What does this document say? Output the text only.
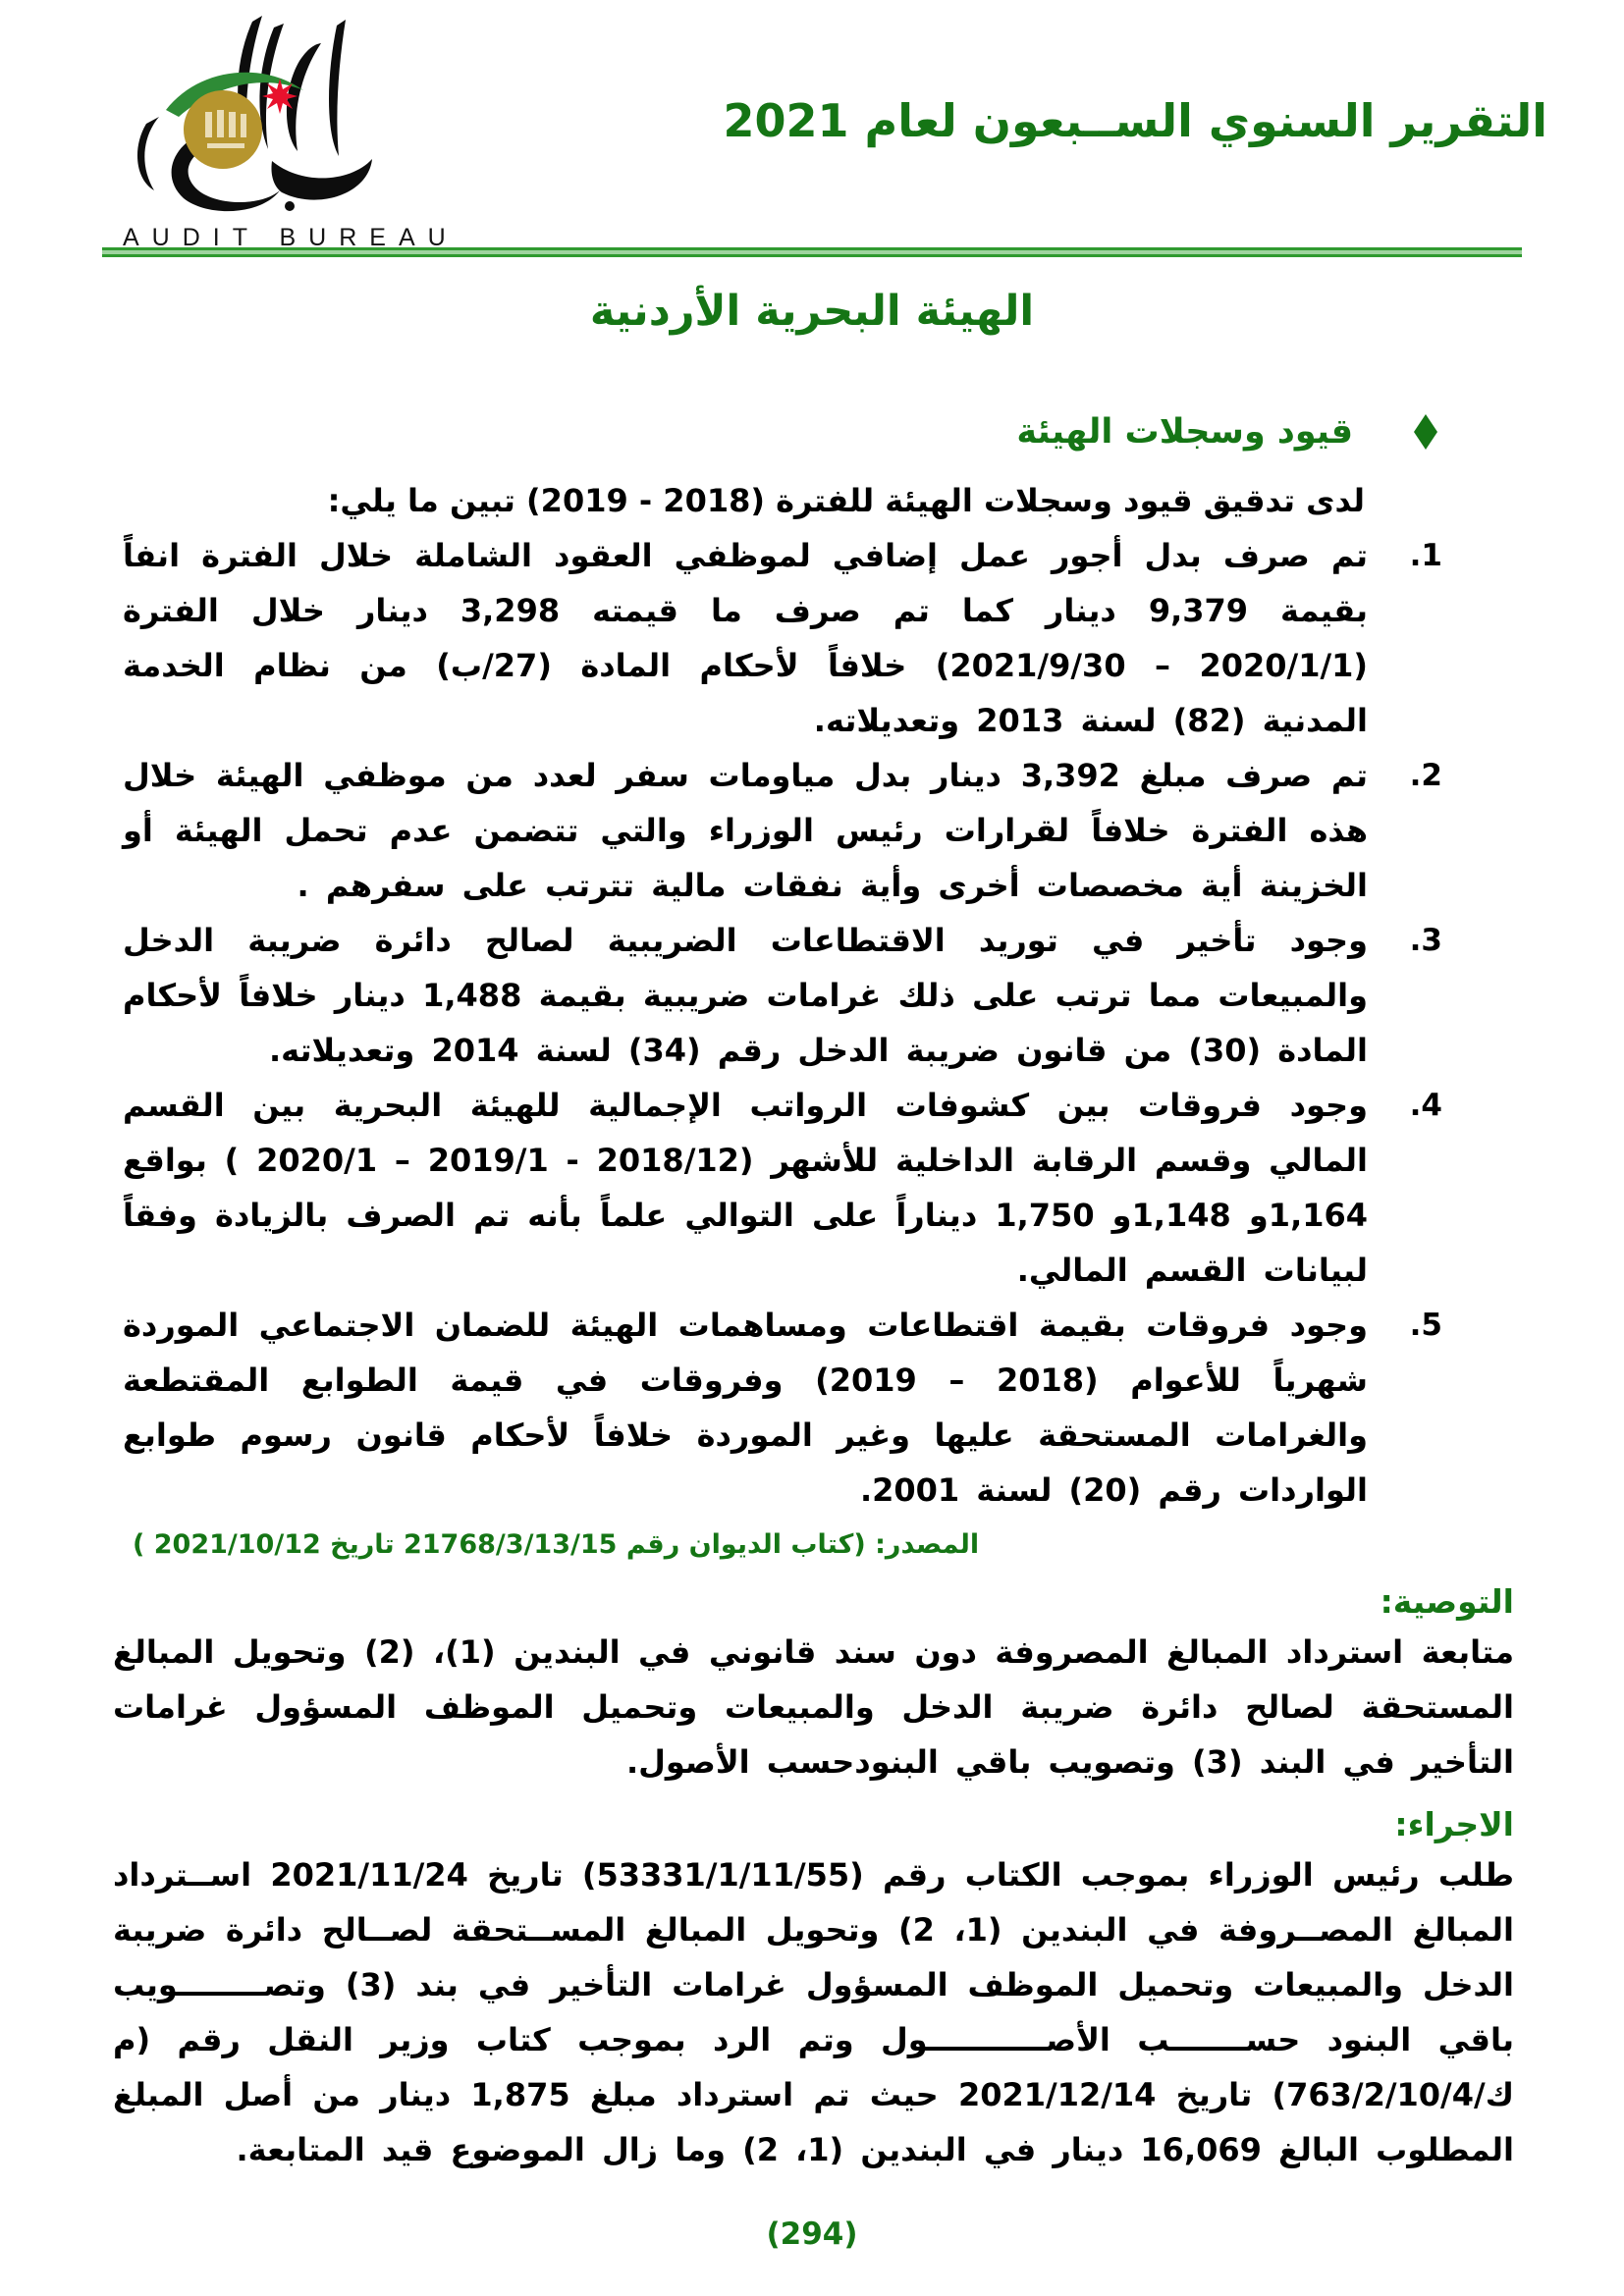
AUDIT BUREAU
التقرير السنوي الســبعون لعام 2021
الهيئة البحرية الأردنية
قيود وسجلات الهيئة

لدى تدقيق قيود وسجلات الهيئة للفترة (2018 - 2019) تبين ما يلي:

1.
تم صرف بدل أجور عمل إضافي لموظفي العقود الشاملة خلال الفترة انفاً بقيمة 9,379 دينار كما تم صرف ما قيمته 3,298 دينار خلال الفترة (2020/1/1 – 2021/9/30) خلافاً لأحكام المادة (27/ب) من نظام الخدمة المدنية (82) لسنة 2013 وتعديلاته.
2.
تم صرف مبلغ 3,392 دينار بدل مياومات سفر لعدد من موظفي الهيئة خلال هذه الفترة خلافاً لقرارات رئيس الوزراء والتي تتضمن عدم تحمل الهيئة أو الخزينة أية مخصصات أخرى وأية نفقات مالية تترتب على سفرهم .
3.
وجود تأخير في توريد الاقتطاعات الضريبية لصالح دائرة ضريبة الدخل والمبيعات مما ترتب على ذلك غرامات ضريبية بقيمة 1,488 دينار خلافاً لأحكام المادة (30) من قانون ضريبة الدخل رقم (34) لسنة 2014 وتعديلاته.
4.
وجود فروقات بين كشوفات الرواتب الإجمالية للهيئة البحرية بين القسم المالي وقسم الرقابة الداخلية للأشهر (2018/12 - 2019/1 – 2020/1 ) بواقع 1,164و 1,148و 1,750 ديناراً على التوالي علماً بأنه تم الصرف بالزيادة وفقاً لبيانات القسم المالي.
5.
وجود فروقات بقيمة اقتطاعات ومساهمات الهيئة للضمان الاجتماعي الموردة شهرياً للأعوام (2018 – 2019) وفروقات في قيمة الطوابع المقتطعة والغرامات المستحقة عليها وغير الموردة خلافاً لأحكام قانون رسوم طوابع الواردات رقم (20) لسنة 2001.

المصدر: (كتاب الديوان رقم 21768/3/13/15 تاريخ 2021/10/12 )

التوصية:

متابعة استرداد المبالغ المصروفة دون سند قانوني في البندين (1)، (2) وتحويل المبالغ المستحقة لصالح دائرة ضريبة الدخل والمبيعات وتحميل الموظف المسؤول غرامات التأخير في البند (3) وتصويب باقي البنودحسب الأصول.

الاجراء:

طلب رئيس الوزراء بموجب الكتاب رقم (53331/1/11/55) تاريخ 2021/11/24 اســترداد المبالغ المصــروفة في البندين (1، 2) وتحويل المبالغ المســتحقة لصــالح دائرة ضريبة الدخل والمبيعات وتحميل الموظف المسؤول غرامات التأخير في بند (3) وتصــــــــويب باقي البنود حســـــــب الأصـــــــــــول وتم الرد بموجب كتاب وزير النقل رقم (م ك/763/2/10/4) تاريخ 2021/12/14 حيث تم استرداد مبلغ 1,875 دينار من أصل المبلغ المطلوب البالغ 16,069 دينار في البندين (1، 2) وما زال الموضوع قيد المتابعة.

(294)
